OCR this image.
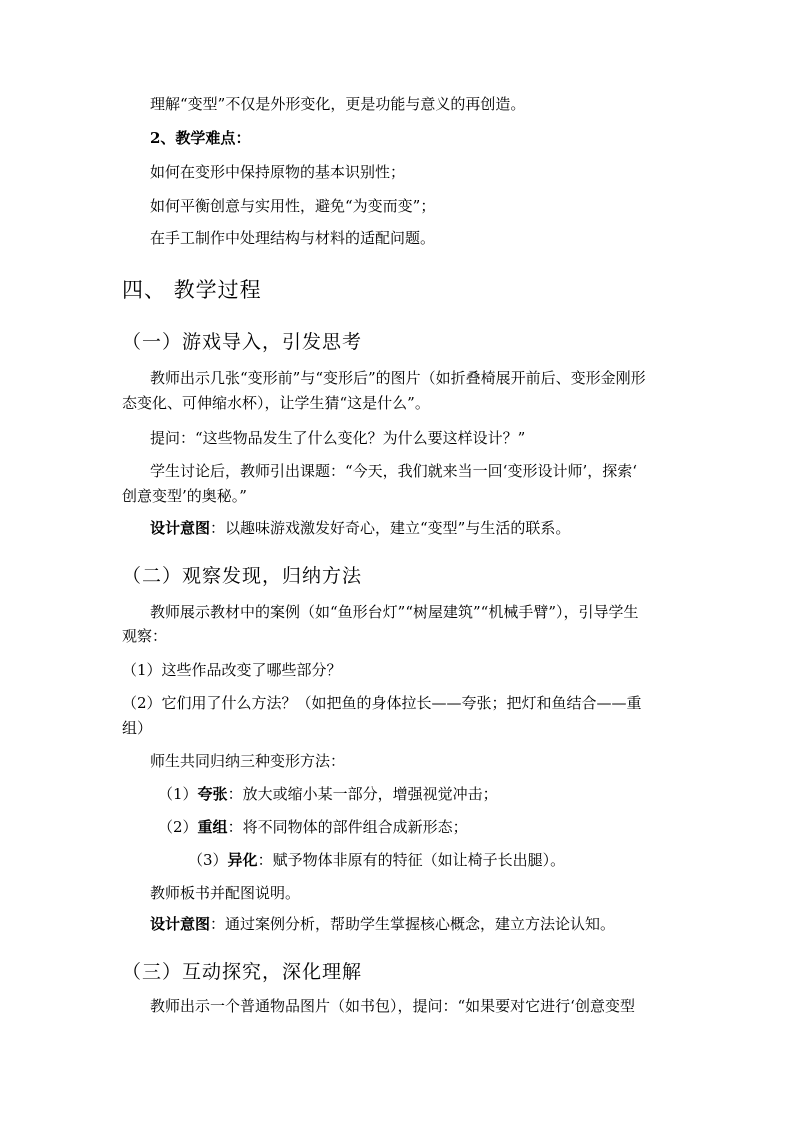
理解“变型”不仅是外形变化，更是功能与意义的再创造。
2、教学难点：
如何在变形中保持原物的基本识别性；
如何平衡创意与实用性，避免“为变而变”；
在手工制作中处理结构与材料的适配问题。
四、 教学过程
（一）游戏导入，引发思考
教师出示几张“变形前”与“变形后”的图片（如折叠椅展开前后、变形金刚形
态变化、可伸缩水杯），让学生猜“这是什么”。
提问：“这些物品发生了什么变化？为什么要这样设计？”
学生讨论后，教师引出课题：“今天，我们就来当一回‘变形设计师’，探索‘
创意变型’的奥秘。”
设计意图：以趣味游戏激发好奇心，建立“变型”与生活的联系。
（二）观察发现，归纳方法
教师展示教材中的案例（如“鱼形台灯”“树屋建筑”“机械手臂”），引导学生
观察：
（1）这些作品改变了哪些部分？
（2）它们用了什么方法？（如把鱼的身体拉长——夸张；把灯和鱼结合——重
组）
师生共同归纳三种变形方法：
（1）夸张：放大或缩小某一部分，增强视觉冲击；
（2）重组：将不同物体的部件组合成新形态；
（3）异化：赋予物体非原有的特征（如让椅子长出腿）。
教师板书并配图说明。
设计意图：通过案例分析，帮助学生掌握核心概念，建立方法论认知。
（三）互动探究，深化理解
教师出示一个普通物品图片（如书包），提问：“如果要对它进行‘创意变型
